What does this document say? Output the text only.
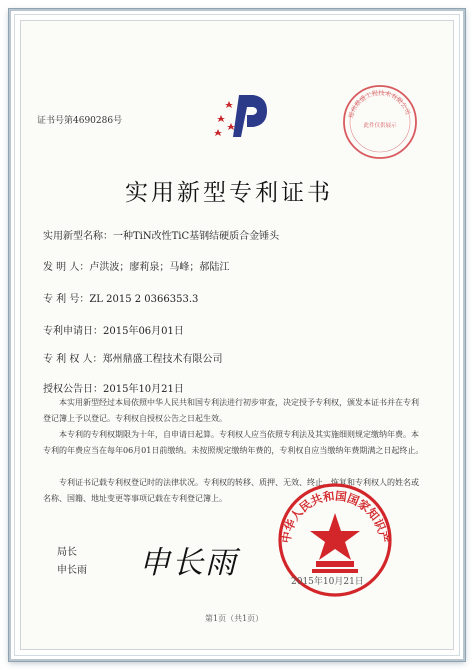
证书号第4690286号
郑州鼎盛工程技术有限公司
此件仅供展示
实用新型专利证书
实用新型名称：一种TiN改性TiC基钢结硬质合金锤头
发 明 人：卢洪波；廖莉泉；马峰；郝陆江
专 利 号：ZL 2015 2 0366353.3
专利申请日：2015年06月01日
专 利 权 人：郑州鼎盛工程技术有限公司
授权公告日：2015年10月21日
本实用新型经过本局依照中华人民共和国专利法进行初步审查，决定授予专利权，颁发本证书并在专利登记簿上予以登记。专利权自授权公告之日起生效。
本专利的专利权期限为十年，自申请日起算。专利权人应当依照专利法及其实施细则规定缴纳年费。本专利的年费应当在每年06月01日前缴纳。未按照规定缴纳年费的，专利权自应当缴纳年费期满之日起终止。
专利证书记载专利权登记时的法律状况。专利权的转移、质押、无效、终止、恢复和专利权人的姓名或名称、国籍、地址变更等事项记载在专利登记簿上。
局长
申长雨 申长雨
中华人民共和国国家知识产
2015年10月21日
第1页（共1页）
